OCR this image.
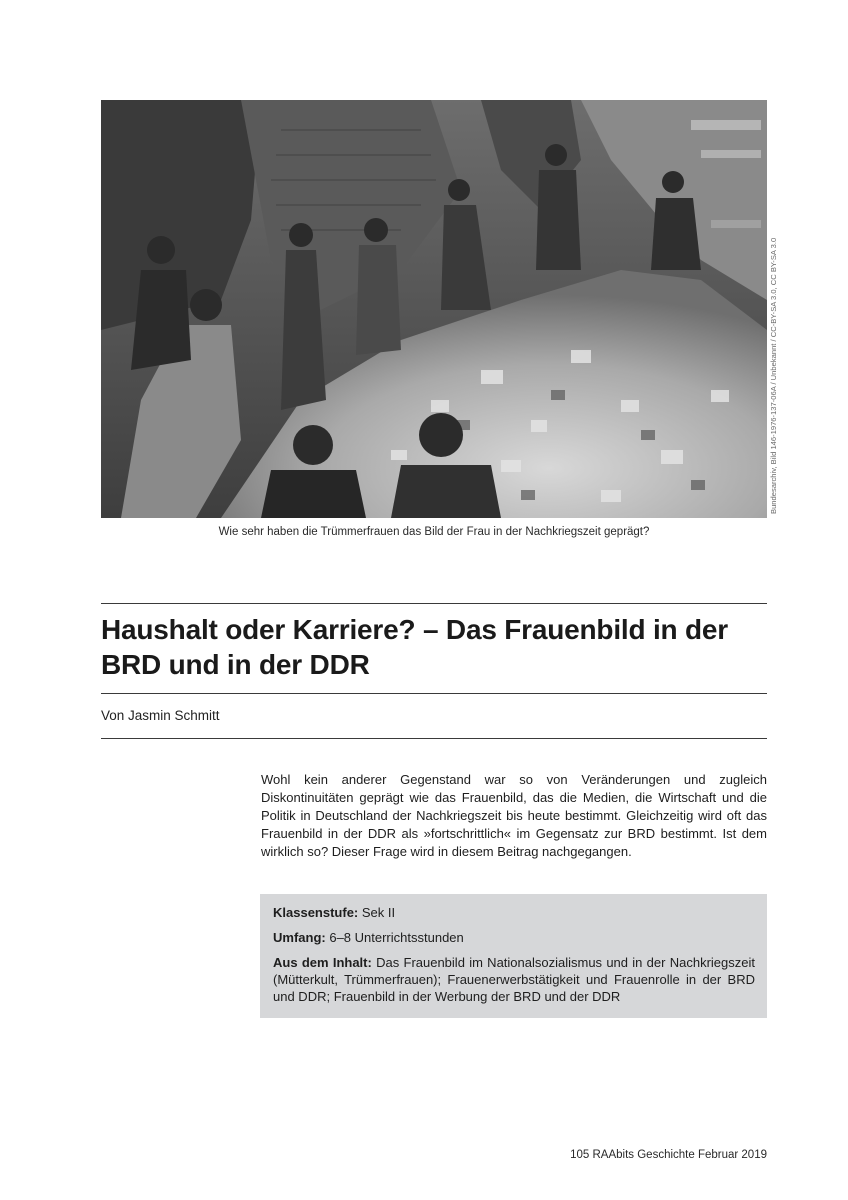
Bundesarchiv, Bild 146-1976-137-06A / Unbekannt / CC-BY-SA 3.0, CC BY-SA 3.0
Wie sehr haben die Trümmerfrauen das Bild der Frau in der Nachkriegszeit geprägt?
Haushalt oder Karriere? – Das Frauenbild in der BRD und in der DDR
Von Jasmin Schmitt
Wohl kein anderer Gegenstand war so von Veränderungen und zugleich Diskontinuitäten geprägt wie das Frauenbild, das die Medien, die Wirtschaft und die Politik in Deutschland der Nachkriegszeit bis heute bestimmt. Gleichzeitig wird oft das Frauenbild in der DDR als »fortschrittlich« im Gegensatz zur BRD bestimmt. Ist dem wirklich so? Dieser Frage wird in diesem Beitrag nachgegangen.

Klassenstufe: Sek II

Umfang: 6–8 Unterrichtsstunden

Aus dem Inhalt: Das Frauenbild im Nationalsozialismus und in der Nachkriegszeit (Mütterkult, Trümmerfrauen); Frauenerwerbstätigkeit und Frauenrolle in der BRD und DDR; Frauenbild in der Werbung der BRD und der DDR

105 RAAbits Geschichte Februar 2019
